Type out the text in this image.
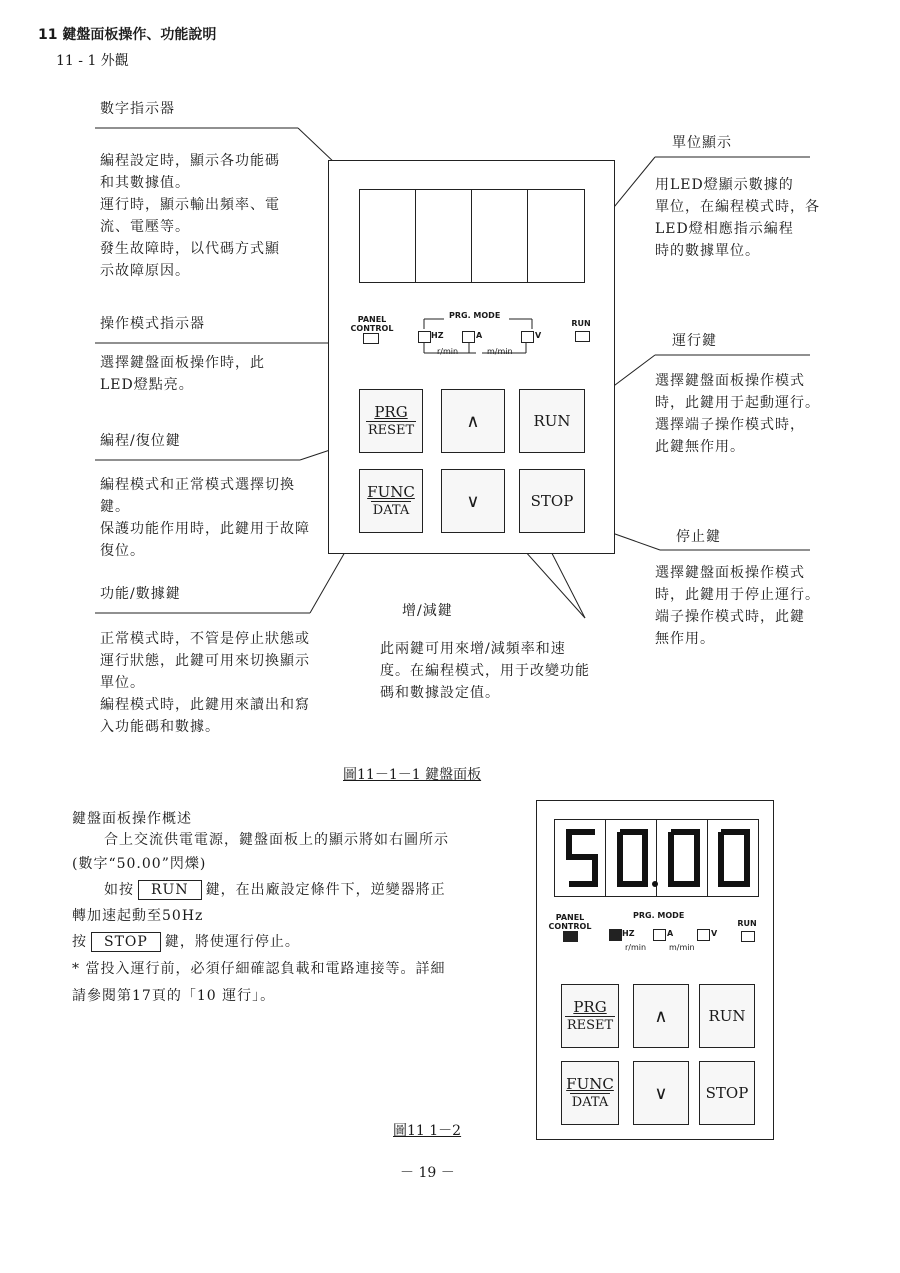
11 鍵盤面板操作、功能說明
11 - 1 外觀
數字指示器
編程設定時，顯示各功能碼
和其數據值。
運行時，顯示輸出頻率、電
流、電壓等。
發生故障時，以代碼方式顯
示故障原因。
操作模式指示器
選擇鍵盤面板操作時，此
LED燈點亮。
編程/復位鍵
編程模式和正常模式選擇切換
鍵。
保護功能作用時，此鍵用于故障
復位。
功能/數據鍵
正常模式時，不管是停止狀態或
運行狀態，此鍵可用來切換顯示
單位。
編程模式時，此鍵用來讀出和寫
入功能碼和數據。
增/減鍵
此兩鍵可用來增/減頻率和速
度。在編程模式，用于改變功能
碼和數據設定值。
單位顯示
用LED燈顯示數據的
單位，在編程模式時，各
LED燈相應指示編程
時的數據單位。
運行鍵
選擇鍵盤面板操作模式
時，此鍵用于起動運行。
選擇端子操作模式時，
此鍵無作用。
停止鍵
選擇鍵盤面板操作模式
時，此鍵用于停止運行。
端子操作模式時，此鍵
無作用。
PANEL CONTROL
PRG. MODE
HZ	A	V
r/min	m/min
RUN
PRG
RESET	∧	RUN
FUNC
DATA	∨	STOP
圖11－1－1 鍵盤面板
鍵盤面板操作概述
合上交流供電電源，鍵盤面板上的顯示將如右圖所示
(數字“50.00”閃爍)
如按 RUN 鍵，在出廠設定條件下，逆變器將正
轉加速起動至50Hz
按 STOP 鍵，將使運行停止。
* 當投入運行前，必須仔細確認負載和電路連接等。詳細
請參閱第17頁的「10 運行」。
PANEL CONTROL
PRG. MODE
HZ	A	V
r/min	m/min
RUN
PRG
RESET ∧	RUN
FUNC
DATA	∨	STOP
圖11 1－2
－ 19 －
